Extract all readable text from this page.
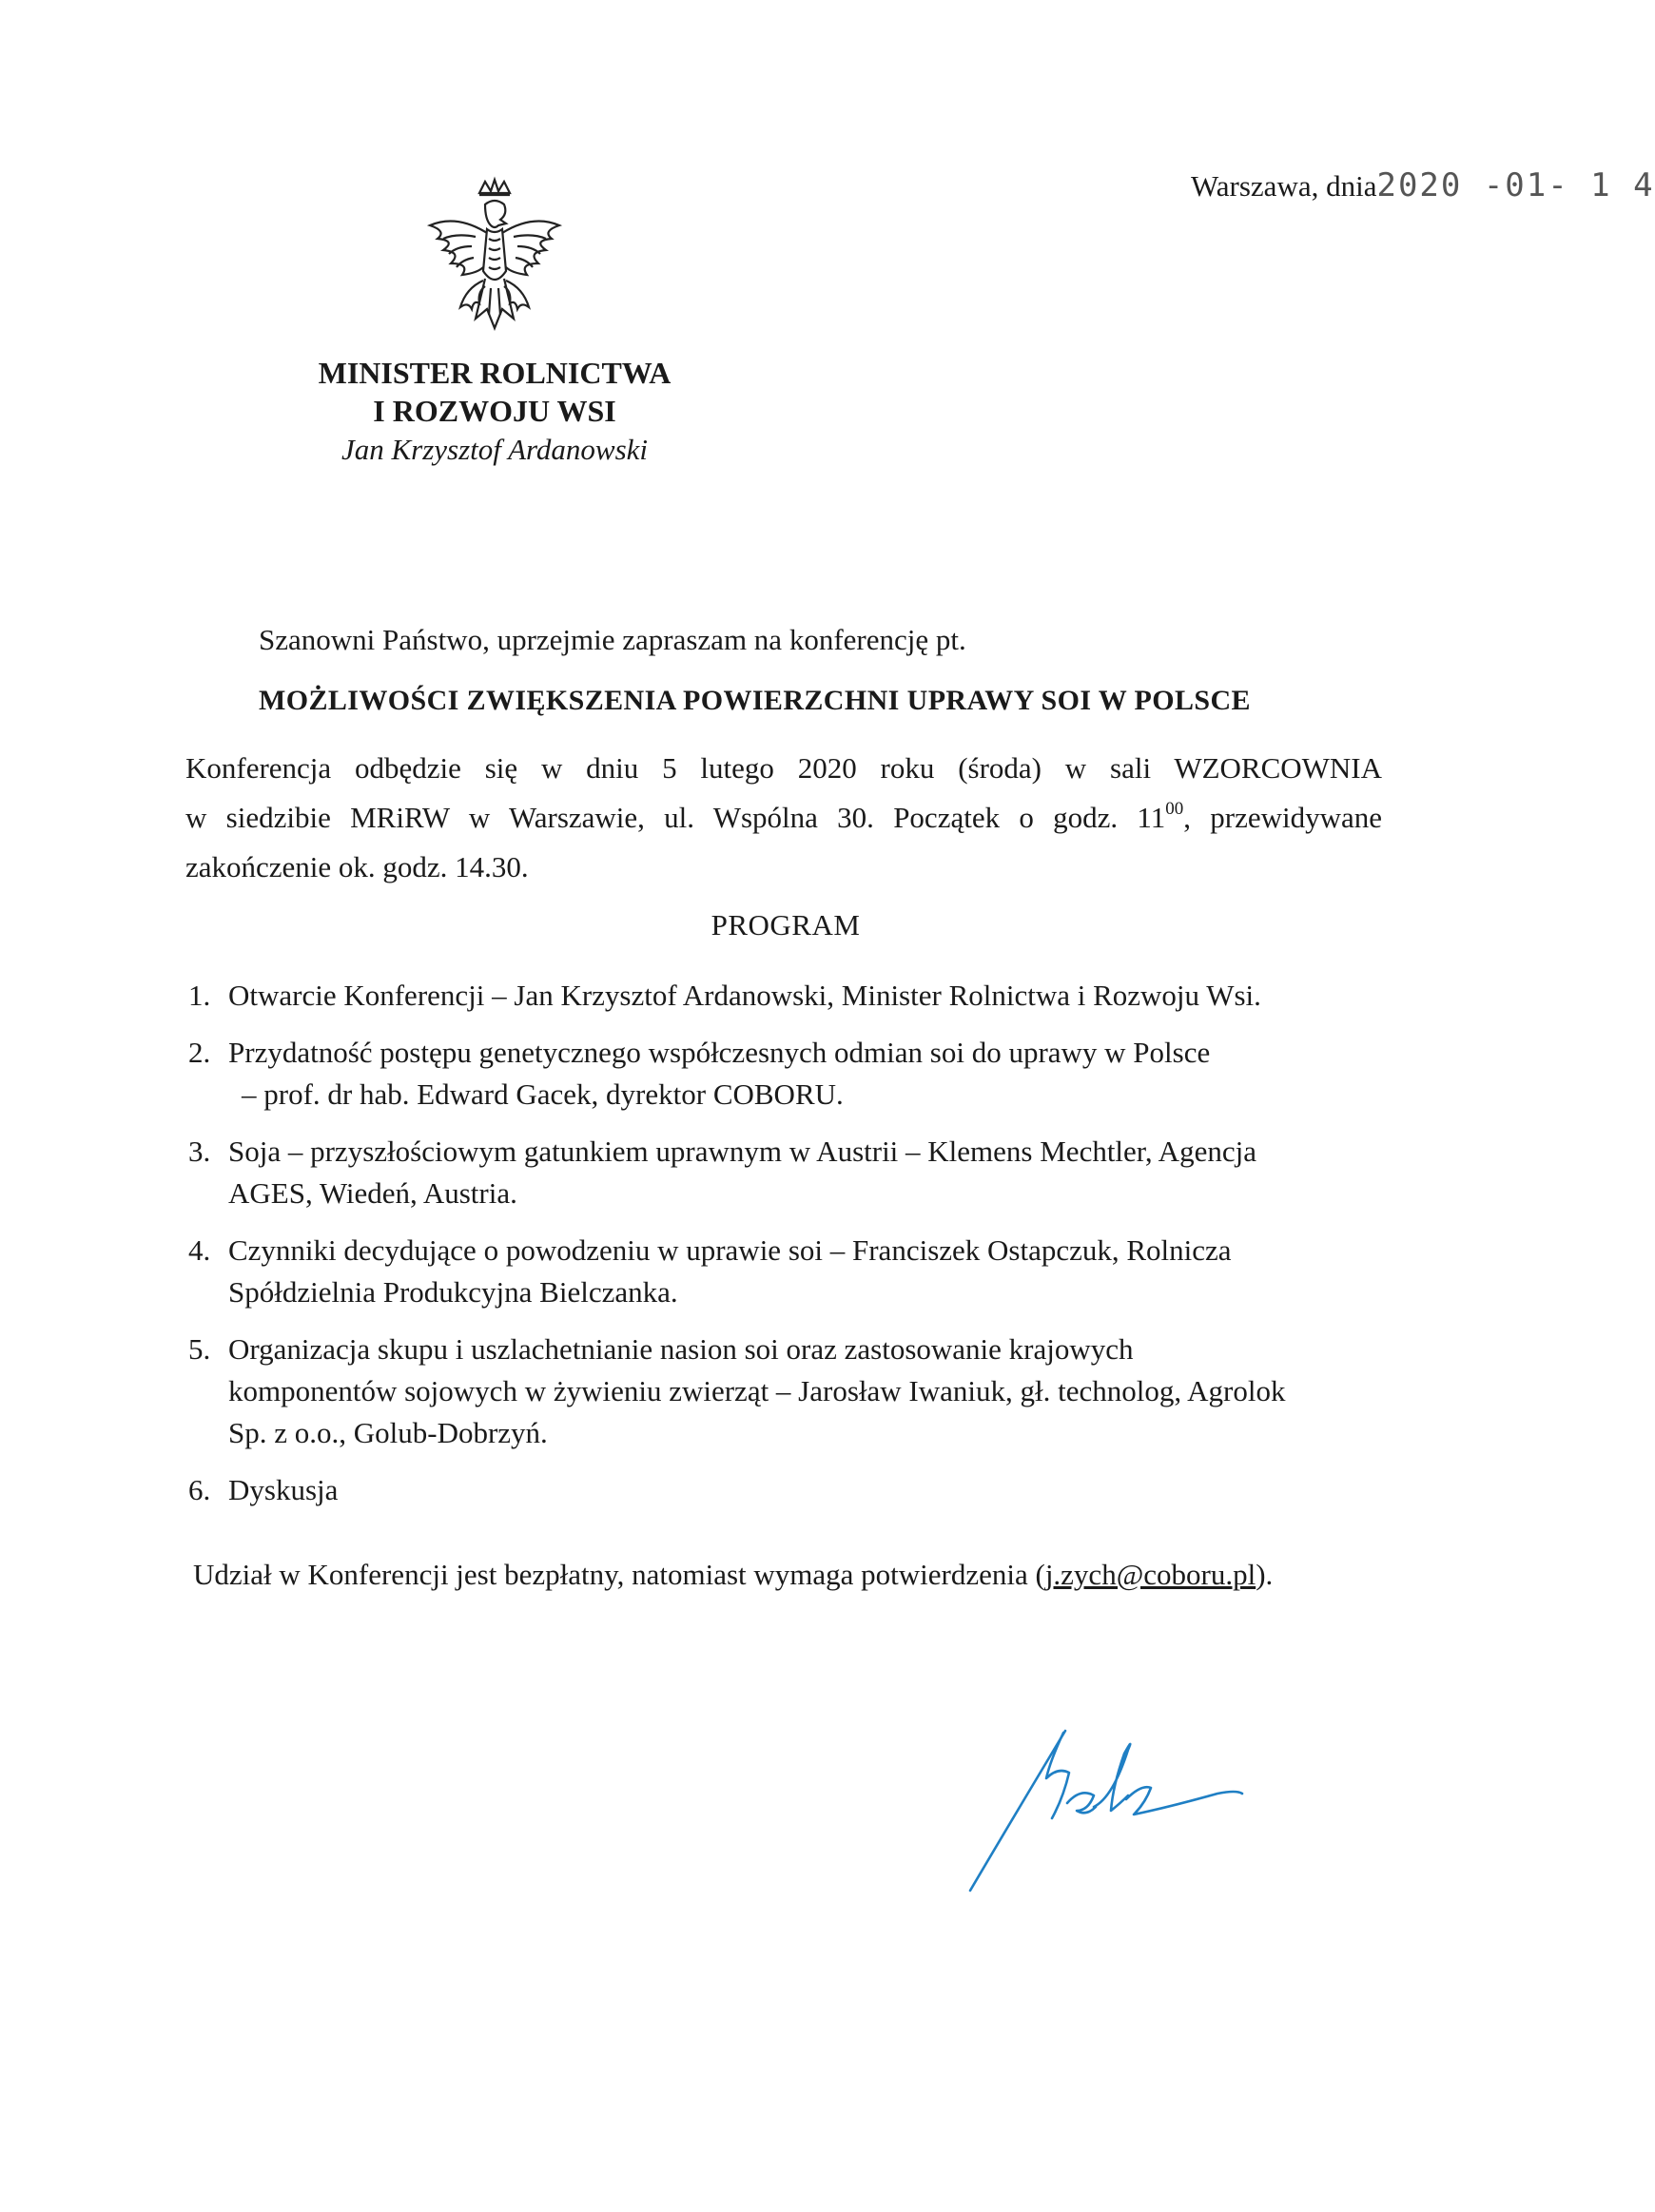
Warszawa, dnia2020 -01- 1 4
MINISTER ROLNICTWA
I ROZWOJU WSI
Jan Krzysztof Ardanowski
Szanowni Państwo, uprzejmie zapraszam na konferencję pt.
MOŻLIWOŚCI ZWIĘKSZENIA POWIERZCHNI UPRAWY SOI W POLSCE
Konferencja odbędzie się w dniu 5 lutego 2020 roku (środa) w sali WZORCOWNIA
w siedzibie MRiRW w Warszawie, ul. Wspólna 30. Początek o godz. $11^{00}$, przewidywane
zakończenie ok. godz. 14.30.
PROGRAM
1. Otwarcie Konferencji – Jan Krzysztof Ardanowski, Minister Rolnictwa i Rozwoju Wsi.
2. Przydatność postępu genetycznego współczesnych odmian soi do uprawy w Polsce
– prof. dr hab. Edward Gacek, dyrektor COBORU.
3. Soja – przyszłościowym gatunkiem uprawnym w Austrii – Klemens Mechtler, Agencja
AGES, Wiedeń, Austria.
4. Czynniki decydujące o powodzeniu w uprawie soi – Franciszek Ostapczuk, Rolnicza
Spółdzielnia Produkcyjna Bielczanka.
5. Organizacja skupu i uszlachetnianie nasion soi oraz zastosowanie krajowych
komponentów sojowych w żywieniu zwierząt – Jarosław Iwaniuk, gł. technolog, Agrolok
Sp. z o.o., Golub-Dobrzyń.
6. Dyskusja
Udział w Konferencji jest bezpłatny, natomiast wymaga potwierdzenia (j.zych@coboru.pl).
